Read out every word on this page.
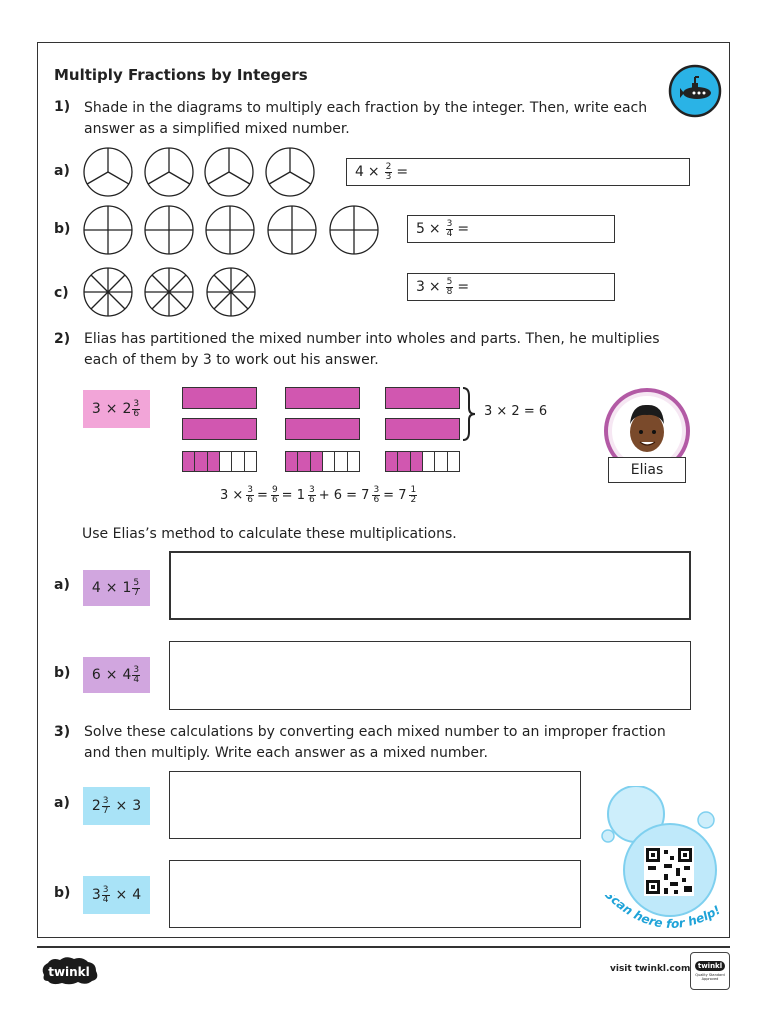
Multiply Fractions by Integers
1) Shade in the diagrams to multiply each fraction by the integer. Then, write each answer as a simplified mixed number.
a)	$4 \times \frac{2}{3}$ =
b)	$5 \times \frac{3}{4}$ =
c)	$3 \times \frac{5}{8}$ =
2) Elias has partitioned the mixed number into wholes and parts. Then, he multiplies each of them by 3 to work out his answer.
$3 \times 2 \frac{3}{6}$	3 × 2 = 6
$3 \times \frac{3}{6} = \frac{9}{6} = 1 \frac{3}{6} + 6 = 7 \frac{3}{6} = 7 \frac{1}{2}$
Elias
Use Elias’s method to calculate these multiplications.
a) $4 \times 1 \frac{5}{7}$
b) $6 \times 4 \frac{3}{4}$
3) Solve these calculations by converting each mixed number to an improper fraction and then multiply. Write each answer as a mixed number.
a) $2 \frac{3}{7} \times 3$
b) $3 \frac{3}{4} \times 4$	Scan here for help!
twinkl	visit twinkl.com	twinkl
Quality Standard Approved
